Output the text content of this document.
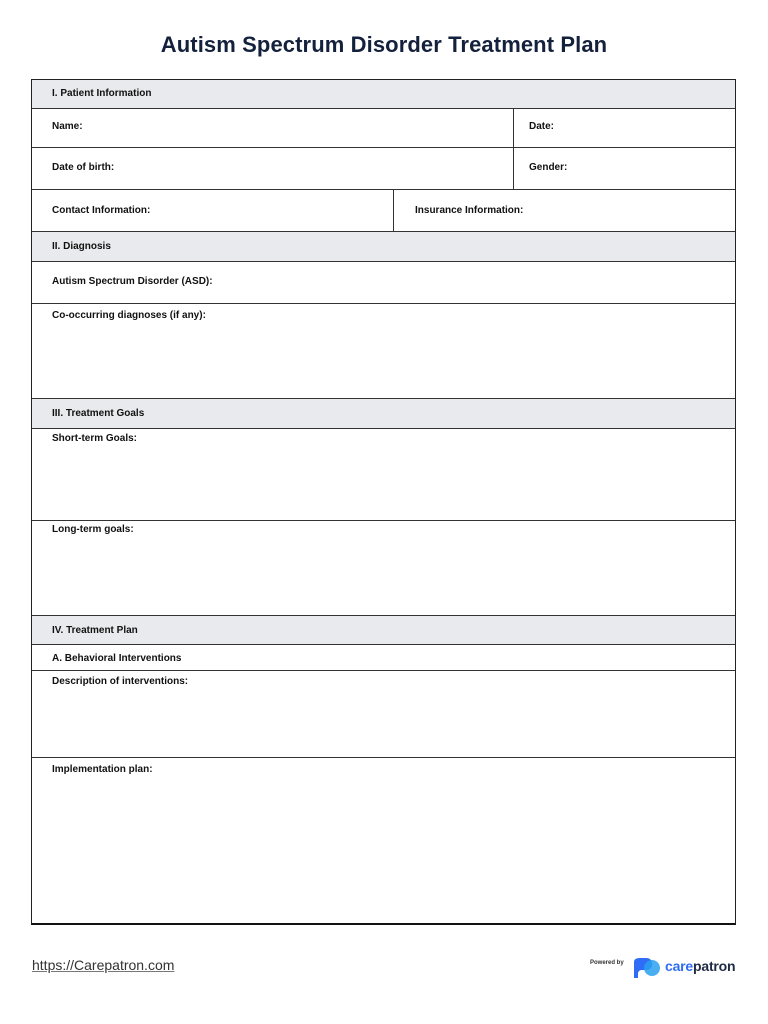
Autism Spectrum Disorder Treatment Plan
I. Patient Information
Name:	Date:
Date of birth:	Gender:
Contact Information:	Insurance Information:
II. Diagnosis
Autism Spectrum Disorder (ASD):
Co-occurring diagnoses (if any):
III. Treatment Goals
Short-term Goals:
Long-term goals:
IV. Treatment Plan
A. Behavioral Interventions
Description of interventions:
Implementation plan:
https://Carepatron.com	Powered by	carepatron
